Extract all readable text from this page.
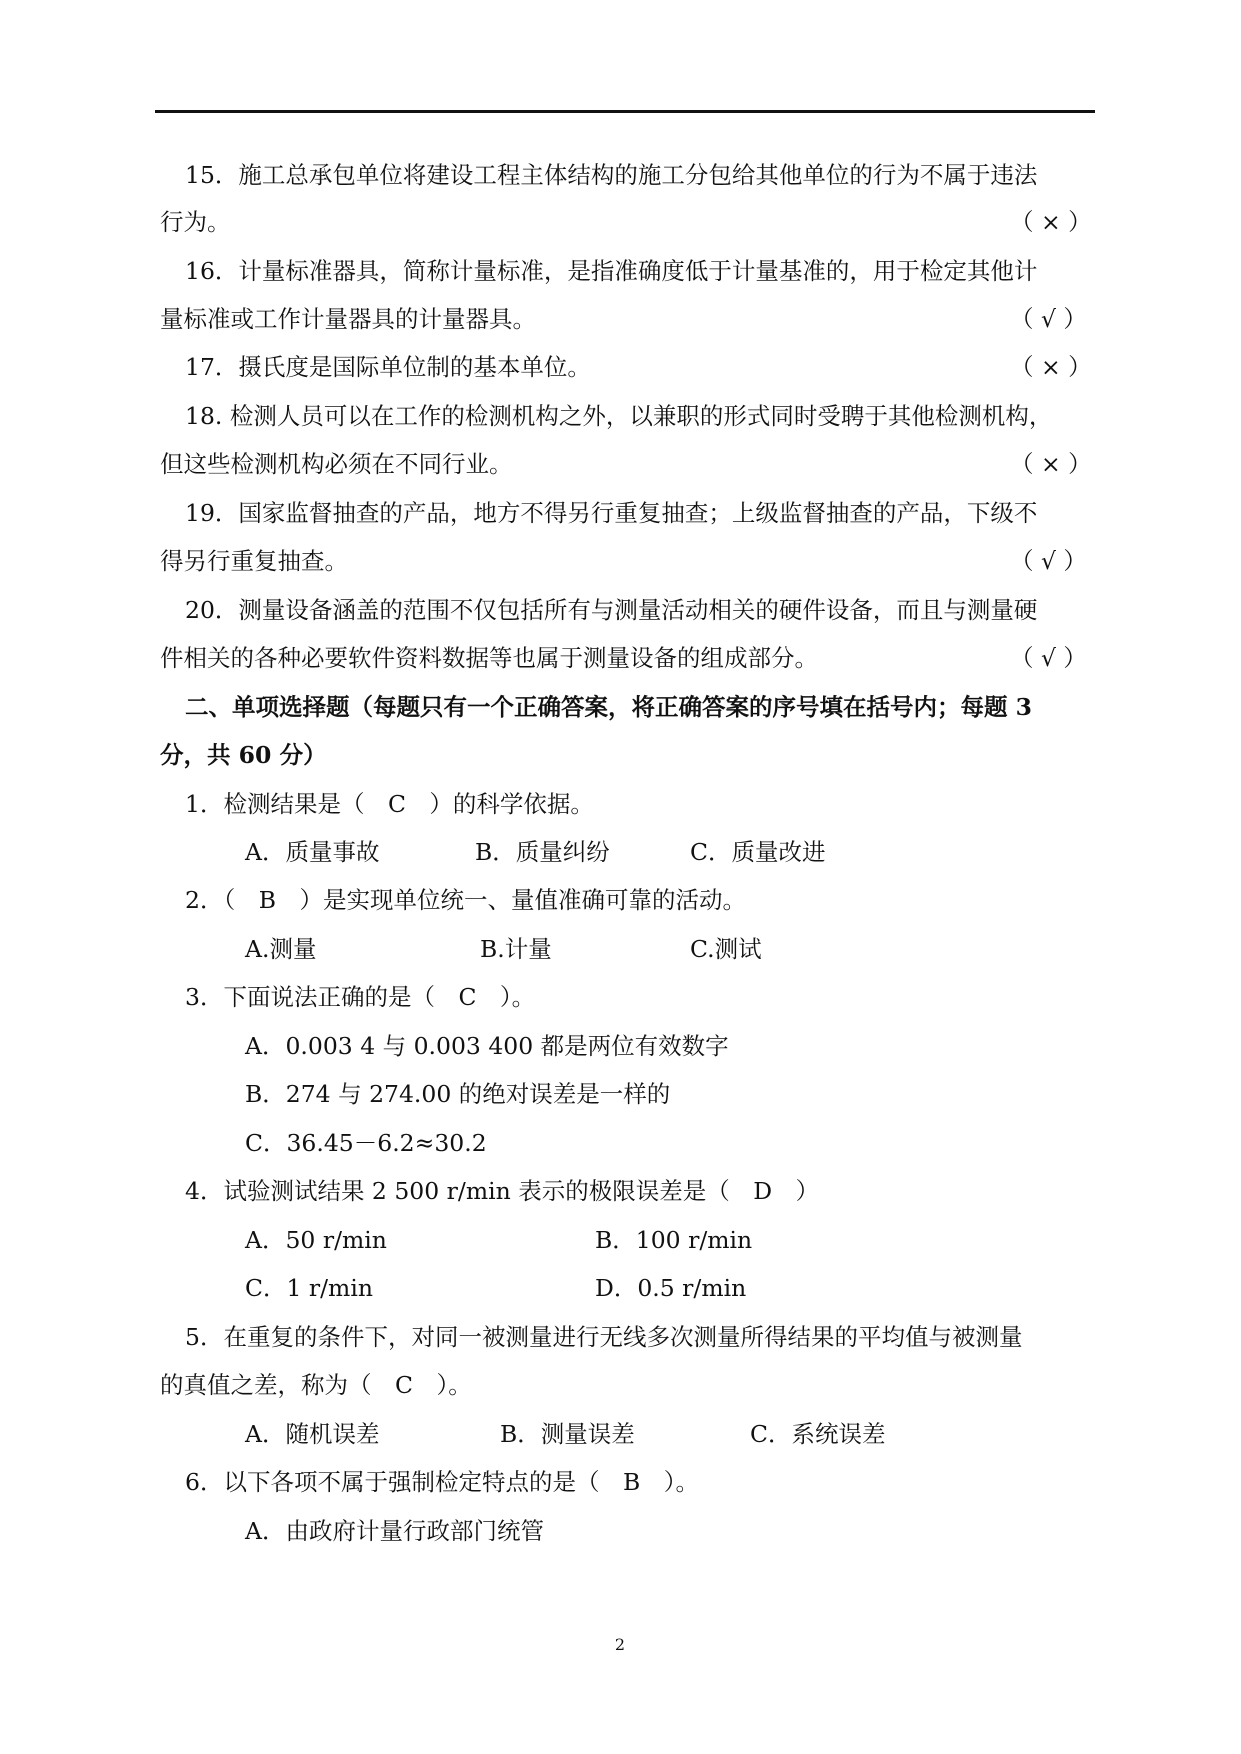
15．施工总承包单位将建设工程主体结构的施工分包给其他单位的行为不属于违法
行为。	（ × ）
16．计量标准器具，简称计量标准，是指准确度低于计量基准的，用于检定其他计
量标准或工作计量器具的计量器具。	（ √ ）
17．摄氏度是国际单位制的基本单位。	（ × ）
18. 检测人员可以在工作的检测机构之外，以兼职的形式同时受聘于其他检测机构，
但这些检测机构必须在不同行业。	（ × ）
19．国家监督抽查的产品，地方不得另行重复抽查；上级监督抽查的产品，下级不
得另行重复抽查。	（ √ ）
20．测量设备涵盖的范围不仅包括所有与测量活动相关的硬件设备，而且与测量硬
件相关的各种必要软件资料数据等也属于测量设备的组成部分。	（ √ ）
二、单项选择题（每题只有一个正确答案，将正确答案的序号填在括号内；每题 3
分，共 60 分）
1．检测结果是（　C　）的科学依据。
A．质量事故	B．质量纠纷	C．质量改进
2．（　B　）是实现单位统一、量值准确可靠的活动。
A.测量	B.计量	C.测试
3．下面说法正确的是（　C　）。
A．0.003 4 与 0.003 400 都是两位有效数字
B．274 与 274.00 的绝对误差是一样的
C．36.45－6.2≈30.2
4．试验测试结果 2 500 r/min 表示的极限误差是（　D　）
A．50 r/min	B．100 r/min
C．1 r/min	D．0.5 r/min
5．在重复的条件下，对同一被测量进行无线多次测量所得结果的平均值与被测量
的真值之差，称为（　C　）。
A．随机误差	B．测量误差	C．系统误差
6．以下各项不属于强制检定特点的是（　B　）。
A．由政府计量行政部门统管
2
